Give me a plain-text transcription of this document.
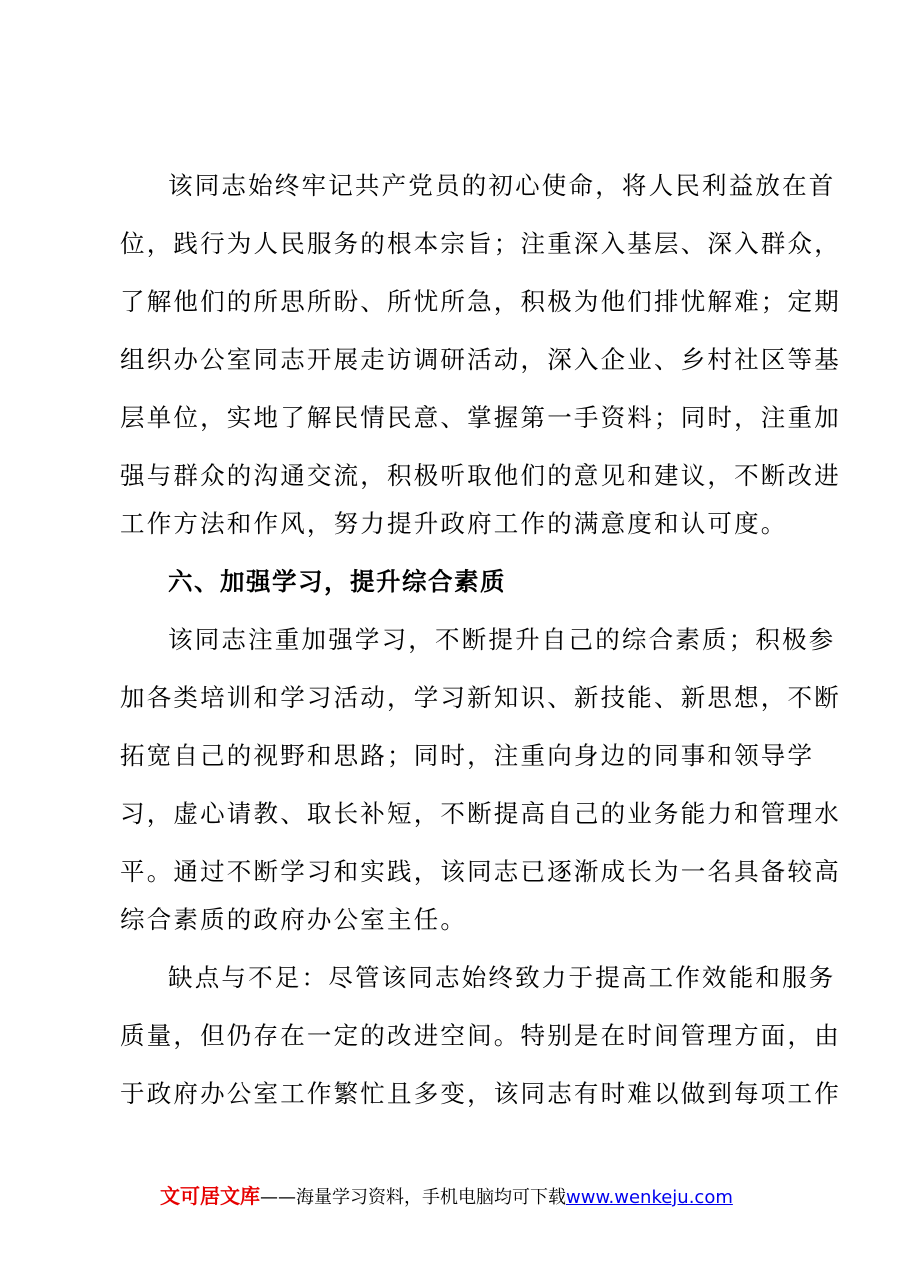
该同志始终牢记共产党员的初心使命，将人民利益放在首
位，践行为人民服务的根本宗旨；注重深入基层、深入群众，
了解他们的所思所盼、所忧所急，积极为他们排忧解难；定期
组织办公室同志开展走访调研活动，深入企业、乡村社区等基
层单位，实地了解民情民意、掌握第一手资料；同时，注重加
强与群众的沟通交流，积极听取他们的意见和建议，不断改进
工作方法和作风，努力提升政府工作的满意度和认可度。
六、加强学习，提升综合素质
该同志注重加强学习，不断提升自己的综合素质；积极参
加各类培训和学习活动，学习新知识、新技能、新思想，不断
拓宽自己的视野和思路；同时，注重向身边的同事和领导学
习，虚心请教、取长补短，不断提高自己的业务能力和管理水
平。通过不断学习和实践，该同志已逐渐成长为一名具备较高
综合素质的政府办公室主任。
缺点与不足：尽管该同志始终致力于提高工作效能和服务
质量，但仍存在一定的改进空间。特别是在时间管理方面，由
于政府办公室工作繁忙且多变，该同志有时难以做到每项工作
文可居文库——海量学习资料，手机电脑均可下载www.wenkeju.com
